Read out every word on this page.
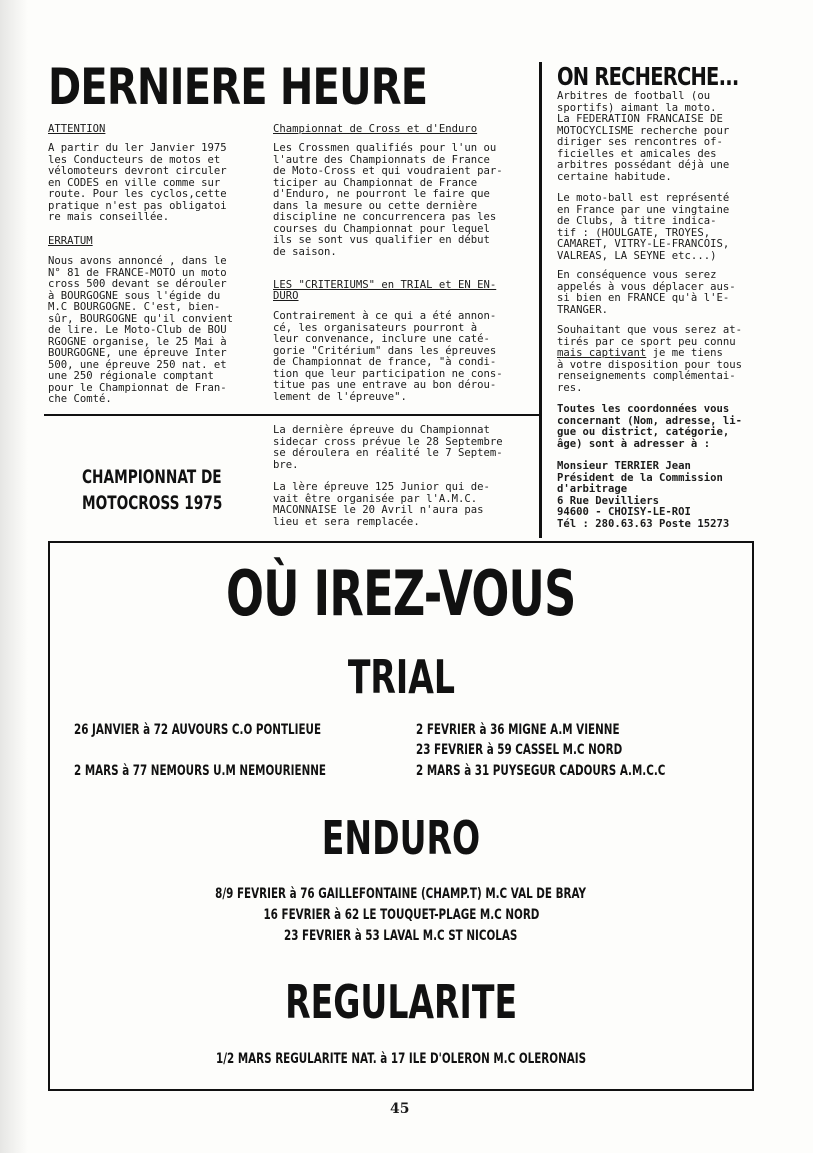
DERNIERE HEURE	ON RECHERCHE...
ATTENTION
A partir du ler Janvier 1975
les Conducteurs de motos et
vélomoteurs devront circuler
en CODES en ville comme sur
route. Pour les cyclos,cette
pratique n'est pas obligatoi
re mais conseillée.
ERRATUM
Nous avons annoncé , dans le
N° 81 de FRANCE-MOTO un moto
cross 500 devant se dérouler
à BOURGOGNE sous l'égide du
M.C BOURGOGNE. C'est, bien-
sûr, BOURGOGNE qu'il convient
de lire. Le Moto-Club de BOU
RGOGNE organise, le 25 Mai à
BOURGOGNE, une épreuve Inter
500, une épreuve 250 nat. et
une 250 régionale comptant
pour le Championnat de Fran-
che Comté.
Championnat de Cross et d'Enduro
Les Crossmen qualifiés pour l'un ou
l'autre des Championnats de France
de Moto-Cross et qui voudraient par-
ticiper au Championnat de France
d'Enduro, ne pourront le faire que
dans la mesure ou cette dernière
discipline ne concurrencera pas les
courses du Championnat pour lequel
ils se sont vus qualifier en début
de saison.
LES "CRITERIUMS" en TRIAL et EN EN-
DURO
Contrairement à ce qui a été annon-
cé, les organisateurs pourront à
leur convenance, inclure une caté-
gorie "Critérium" dans les épreuves
de Championnat de france, "à condi-
tion que leur participation ne cons-
titue pas une entrave au bon dérou-
lement de l'épreuve".
La dernière épreuve du Championnat
sidecar cross prévue le 28 Septembre
se déroulera en réalité le 7 Septem-
bre.
La lère épreuve 125 Junior qui de-
vait être organisée par l'A.M.C.
MACONNAISE le 20 Avril n'aura pas
lieu et sera remplacée.
CHAMPIONNAT DE
MOTOCROSS 1975
Arbitres de football (ou
sportifs) aimant la moto.
La FEDERATION FRANCAISE DE
MOTOCYCLISME recherche pour
diriger ses rencontres of-
ficielles et amicales des
arbitres possédant déjà une
certaine habitude.
Le moto-ball est représenté
en France par une vingtaine
de Clubs, à titre indica-
tif : (HOULGATE, TROYES,
CAMARET, VITRY-LE-FRANCOIS,
VALREAS, LA SEYNE etc...)
En conséquence vous serez
appelés à vous déplacer aus-
si bien en FRANCE qu'à l'E-
TRANGER.
Souhaitant que vous serez at-
tirés par ce sport peu connu
mais captivant je me tiens
à votre disposition pour tous
renseignements complémentai-
res.
Toutes les coordonnées vous
concernant (Nom, adresse, li-
gue ou district, catégorie,
âge) sont à adresser à :
Monsieur TERRIER Jean
Président de la Commission
d'arbitrage
6 Rue Devilliers
94600 - CHOISY-LE-ROI
Tél : 280.63.63 Poste 15273
OÙ IREZ-VOUS
TRIAL
26 JANVIER à 72 AUVOURS C.O PONTLIEUE
2 MARS à 77 NEMOURS U.M NEMOURIENNE
2 FEVRIER à 36 MIGNE A.M VIENNE
23 FEVRIER à 59 CASSEL M.C NORD
2 MARS à 31 PUYSEGUR CADOURS A.M.C.C
ENDURO
8/9 FEVRIER à 76 GAILLEFONTAINE (CHAMP.T) M.C VAL DE BRAY
16 FEVRIER à 62 LE TOUQUET-PLAGE M.C NORD
23 FEVRIER à 53 LAVAL M.C ST NICOLAS
REGULARITE
1/2 MARS REGULARITE NAT. à 17 ILE D'OLERON M.C OLERONAIS
45
